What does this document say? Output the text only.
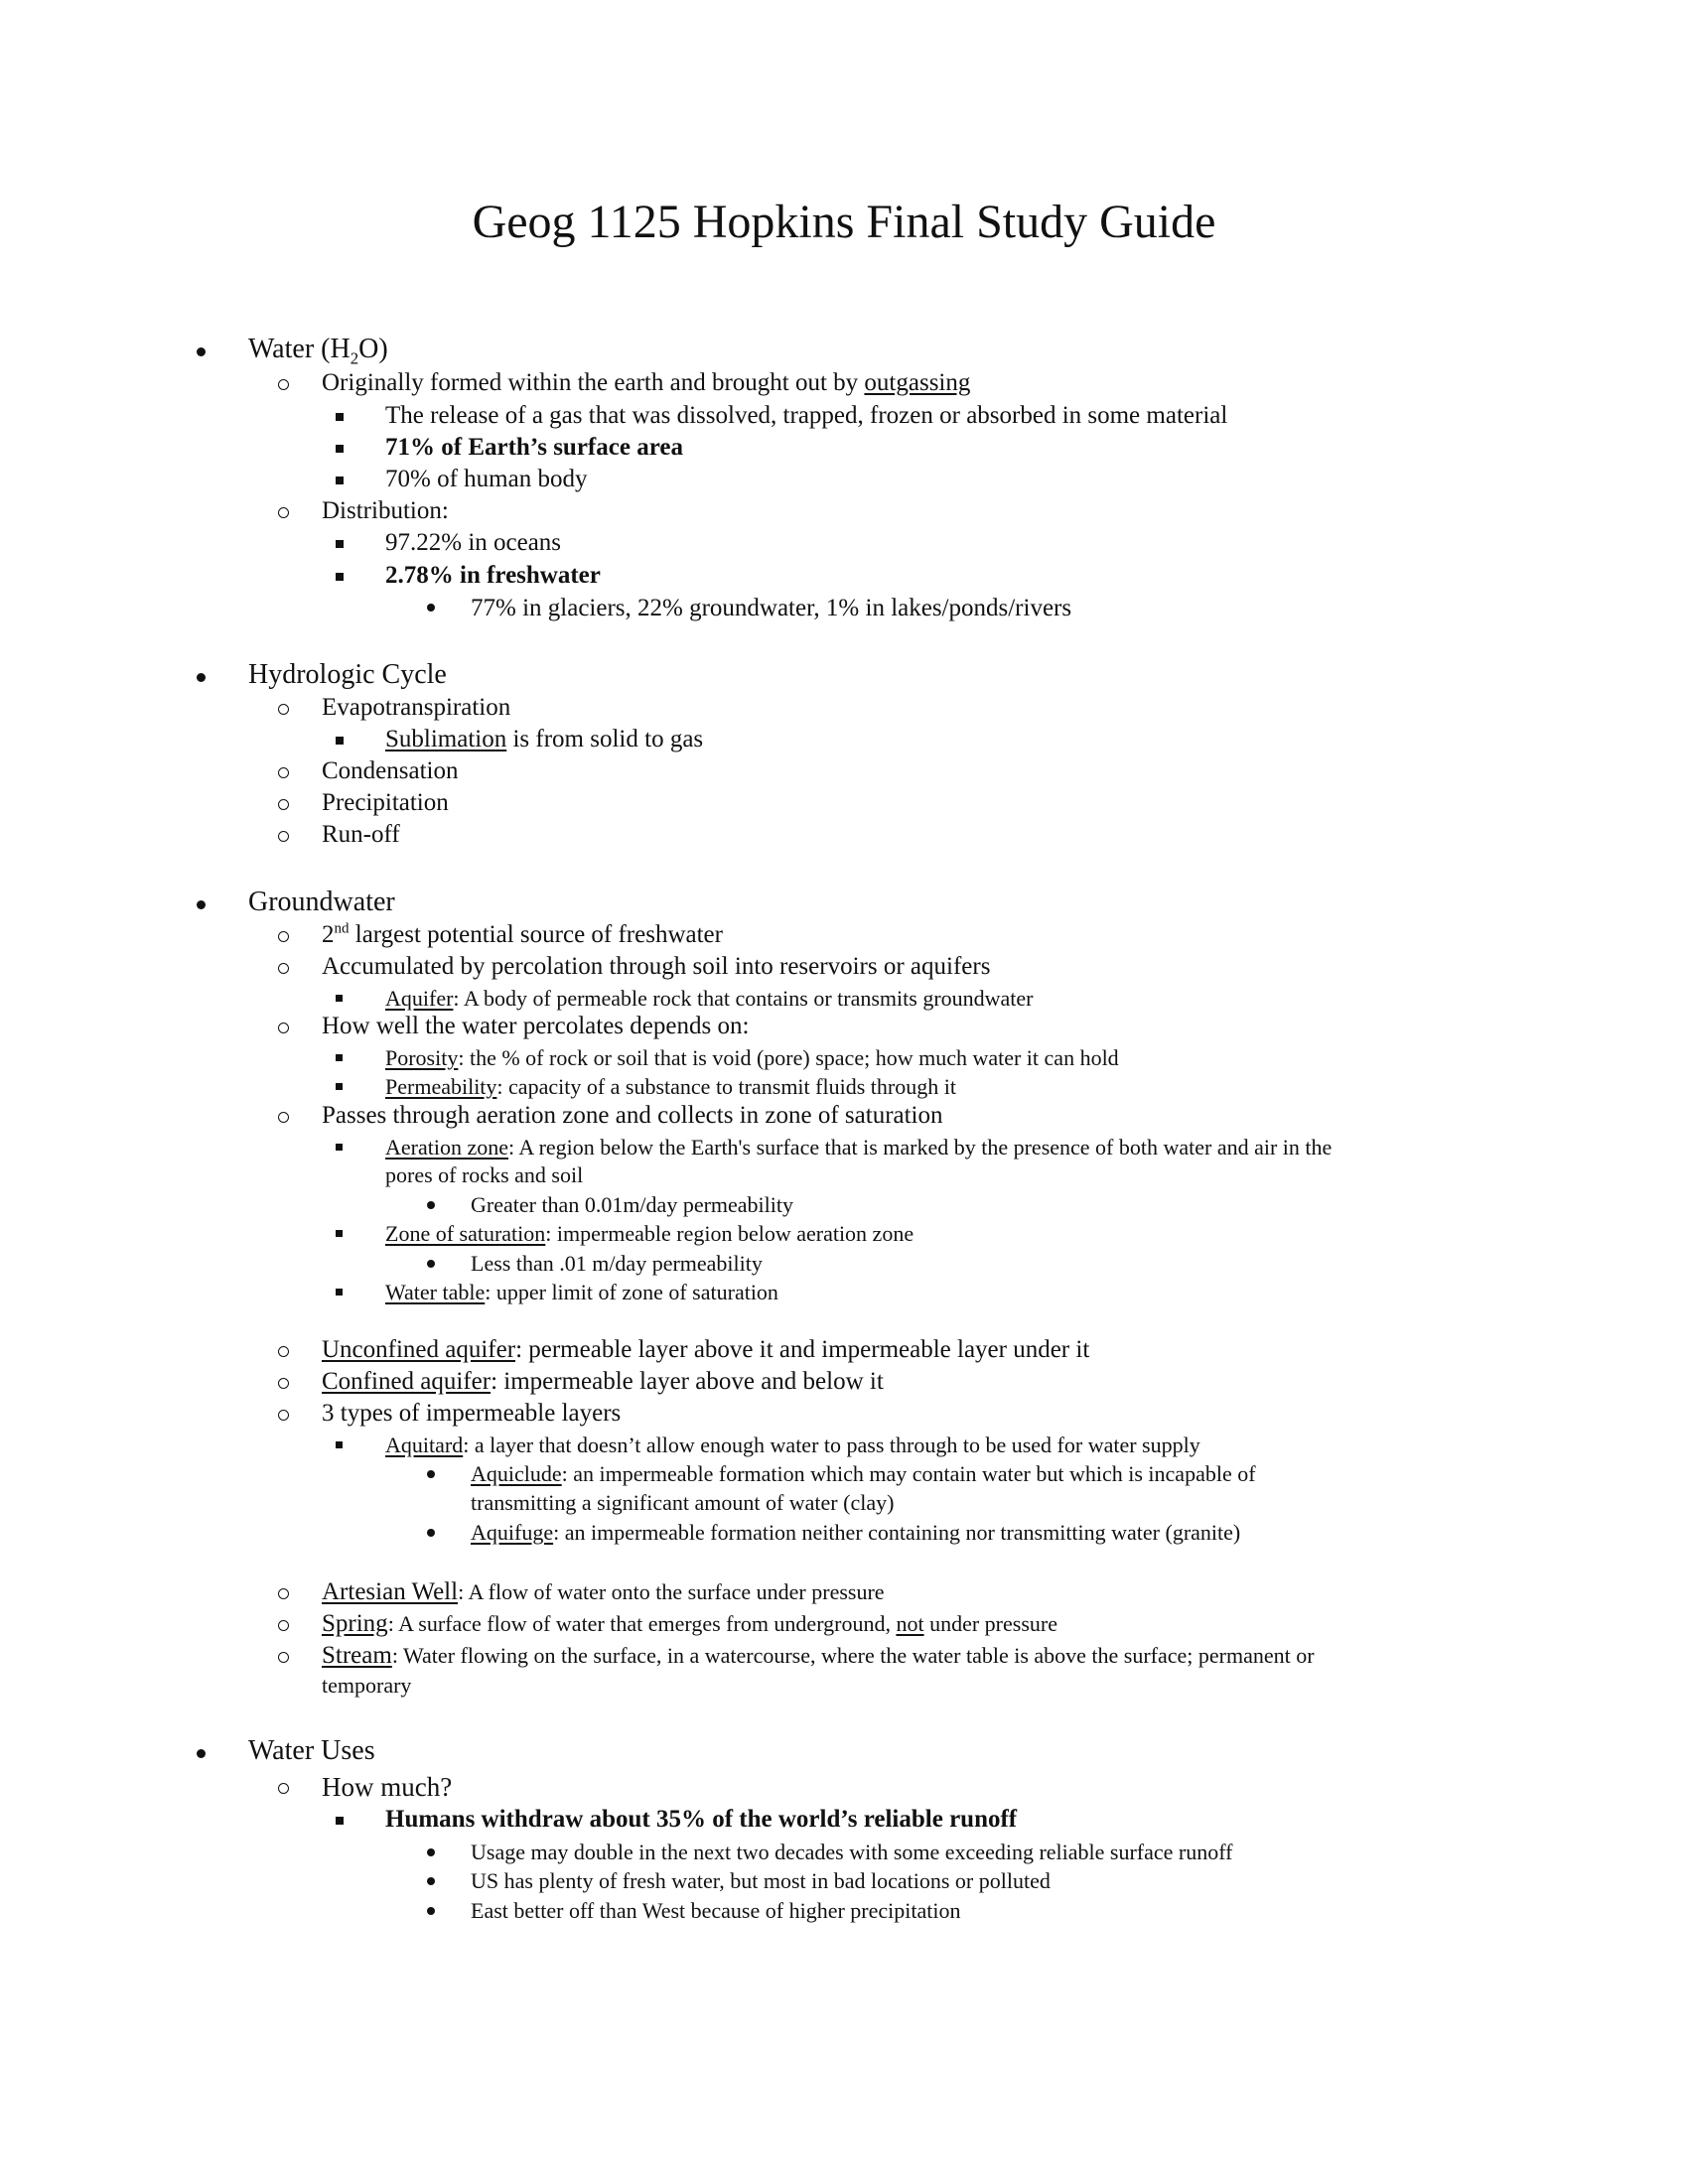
Geog 1125 Hopkins Final Study Guide
Water $(H_2O)$
Originally formed within the earth and brought out by outgassing
The release of a gas that was dissolved, trapped, frozen or absorbed in some material
71% of Earth’s surface area
70% of human body
Distribution:
97.22% in oceans
2.78% in freshwater
77% in glaciers, 22% groundwater, 1% in lakes/ponds/rivers
Hydrologic Cycle
Evapotranspiration
Sublimation is from solid to gas
Condensation
Precipitation
Run-off
Groundwater
2nd largest potential source of freshwater
Accumulated by percolation through soil into reservoirs or aquifers
Aquifer: A body of permeable rock that contains or transmits groundwater
How well the water percolates depends on:
Porosity: the % of rock or soil that is void (pore) space; how much water it can hold
Permeability: capacity of a substance to transmit fluids through it
Passes through aeration zone and collects in zone of saturation
Aeration zone: A region below the Earth's surface that is marked by the presence of both water and air in the
pores of rocks and soil
Greater than 0.01m/day permeability
Zone of saturation: impermeable region below aeration zone
Less than .01 m/day permeability
Water table: upper limit of zone of saturation
Unconfined aquifer: permeable layer above it and impermeable layer under it
Confined aquifer: impermeable layer above and below it
3 types of impermeable layers
Aquitard: a layer that doesn’t allow enough water to pass through to be used for water supply
Aquiclude: an impermeable formation which may contain water but which is incapable of
transmitting a significant amount of water (clay)
Aquifuge: an impermeable formation neither containing nor transmitting water (granite)
Artesian Well: A flow of water onto the surface under pressure
Spring: A surface flow of water that emerges from underground, not under pressure
Stream: Water flowing on the surface, in a watercourse, where the water table is above the surface; permanent or
temporary
Water Uses
How much?
Humans withdraw about 35% of the world’s reliable runoff
Usage may double in the next two decades with some exceeding reliable surface runoff
US has plenty of fresh water, but most in bad locations or polluted
East better off than West because of higher precipitation
